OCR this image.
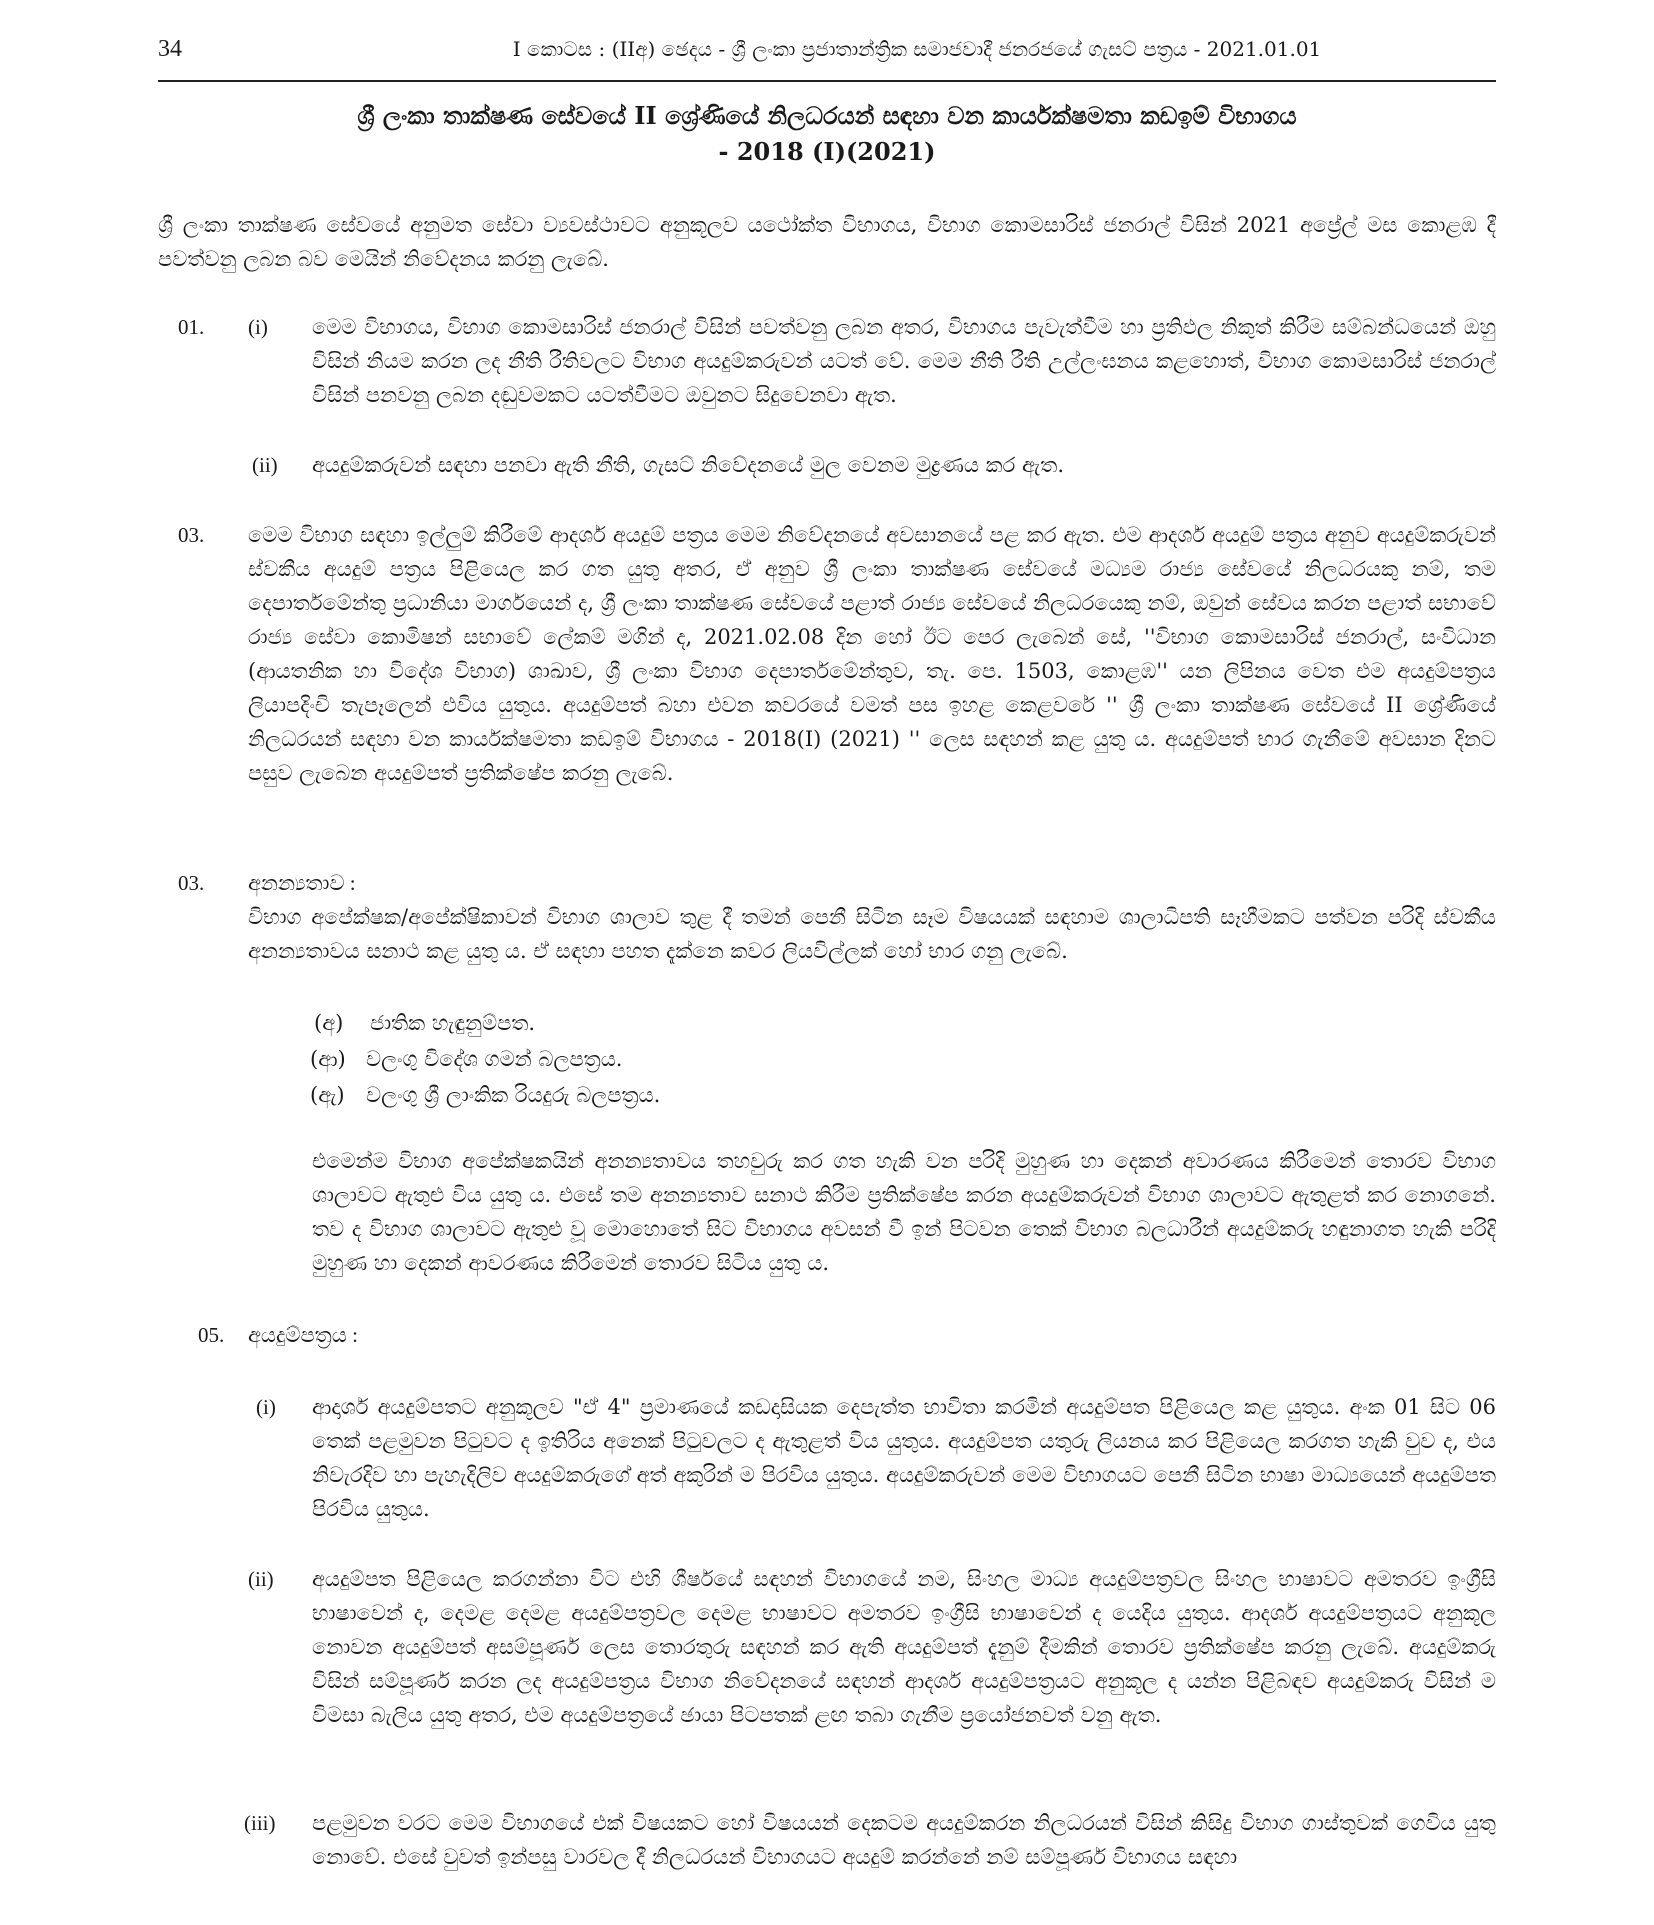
34	I කොටස : (IIඅ) ඡෙදය - ශ්‍රී ලංකා ප්‍රජාතාන්ත්‍රික සමාජවාදී ජනරජයේ ගැසට් පත්‍රය - 2021.01.01
ශ්‍රී ලංකා තාක්ෂණ සේවයේ II ශ්‍රේණියේ නිලධරයන් සඳහා වන කාර්යක්ෂමතා කඩඉම් විභාගය
- 2018 (I)(2021)
ශ්‍රී ලංකා තාක්ෂණ සේවයේ අනුමත සේවා ව්‍යවස්ථාවට අනුකූලව යථෝක්ත විභාගය, විභාග කොමසාරිස් ජනරාල් විසින් 2021 අප්‍රේල් මස කොළඹ දී පවත්වනු ලබන බව මෙයින් නිවේදනය කරනු ලැබේ.
01. (i) මෙම විභාගය, විභාග කොමසාරිස් ජනරාල් විසින් පවත්වනු ලබන අතර, විභාගය පැවැත්වීම හා ප්‍රතිඵල නිකුත් කිරීම සම්බන්ධයෙන් ඔහු විසින් නියම කරන ලද නීති රීතිවලට විභාග අයදුම්කරුවන් යටත් වේ. මෙම නීති රීති උල්ලංඝනය කළහොත්, විභාග කොමසාරිස් ජනරාල් විසින් පනවනු ලබන දඬුවමකට යටත්වීමට ඔවුනට සිදුවෙනවා ඇත.
(ii) අයදුම්කරුවන් සඳහා පනවා ඇති නීති, ගැසට් නිවේදනයේ මුල වෙනම මුද්‍රණය කර ඇත.
03. මෙම විභාග සඳහා ඉල්ලුම් කිරීමේ ආදර්ශ අයදුම් පත්‍රය මෙම නිවේදනයේ අවසානයේ පළ කර ඇත. එම ආදර්ශ අයදුම් පත්‍රය අනුව අයදුම්කරුවන් ස්වකීය අයදුම් පත්‍රය පිළියෙල කර ගත යුතු අතර, ඒ අනුව ශ්‍රී ලංකා තාක්ෂණ සේවයේ මධ්‍යම රාජ්‍ය සේවයේ නිලධරයකු නම්, තම දෙපාර්තමේන්තු ප්‍රධානියා මාර්ගයෙන් ද, ශ්‍රී ලංකා තාක්ෂණ සේවයේ පළාත් රාජ්‍ය සේවයේ නිලධරයෙකු නම්, ඔවුන් සේවය කරන පළාත් සභාවේ රාජ්‍ය සේවා කොමිෂන් සභාවේ ලේකම් මගින් ද, 2021.02.08 දින හෝ ඊට පෙර ලැබෙන් සේ, ''විභාග කොමසාරිස් ජනරාල්, සංවිධාන (ආයතනික හා විදේශ විභාග) ශාඛාව, ශ්‍රී ලංකා විභාග දෙපාර්තමේන්තුව, තැ. පෙ. 1503, කොළඹ'' යන ලිපිනය වෙත එම අයදුම්පත්‍රය ලියාපදිංචි තැපෑලෙන් එවිය යුතුය. අයදුම්පත් බහා එවන කවරයේ වමත් පස ඉහළ කෙළවරේ '' ශ්‍රී ලංකා තාක්ෂණ සේවයේ II ශ්‍රේණියේ නිලධරයන් සඳහා වන කාර්යක්ෂමතා කඩඉම් විභාගය - 2018(I) (2021) '' ලෙස සඳහන් කළ යුතු ය. අයදුම්පත් භාර ගැනීමේ අවසාන දිනට පසුව ලැබෙන අයදුම්පත් ප්‍රතික්ෂේප කරනු ලැබේ.
03. අනන්‍යතාව :
විභාග අපේක්ෂක/අපේක්ෂිකාවන් විභාග ශාලාව තුළ දී තමන් පෙනී සිටින සෑම විෂයයක් සඳහාම ශාලාධිපති සෑහීමකට පත්වන පරිදි ස්වකීය අනන්‍යතාවය සනාථ කළ යුතු ය. ඒ සඳහා පහත දැක්නෙ කවර ලියවිල්ලක් හෝ භාර ගනු ලැබේ.
(අ) ජාතික හැඳුනුම්පත.
(ආ) වලංගු විදේශ ගමන් බලපත්‍රය.
(ඇ) වලංගු ශ්‍රී ලාංකික රියදුරු බලපත්‍රය.
එමෙන්ම විභාග අපේක්ෂකයින් අනන්‍යතාවය තහවුරු කර ගත හැකි වන පරිදි මුහුණ හා දෙකන් අවාරණය කිරීමෙන් තොරව විභාග ශාලාවට ඇතුළු විය යුතු ය. එසේ තම අනන්‍යතාව සනාථ කිරීම ප්‍රතික්ෂේප කරන අයදුම්කරුවන් විභාග ශාලාවට ඇතුළත් කර නොගනේ. තව ද විභාග ශාලාවට ඇතුළු වූ මොහොතේ සිට විභාගය අවසන් වී ඉන් පිටවන තෙක් විභාග බලධාරීන් අයදුම්කරු හඳුනාගත හැකි පරිදි මුහුණ හා දෙකන් ආවරණය කිරීමෙන් තොරව සිටිය යුතු ය.
05. අයදුම්පත්‍රය :
(i) ආදාර්ශ අයදුම්පතට අනුකූලව "ඒ 4" ප්‍රමාණයේ කඩදාසියක දෙපැත්ත භාවිතා කරමින් අයදුම්පත පිළියෙල කළ යුතුය. අංක 01 සිට 06 තෙක් පළමුවන පිටුවට ද ඉතිරිය අනෙක් පිටුවලට ද ඇතුළත් විය යුතුය. අයදුම්පත යතුරු ලියනය කර පිළියෙල කරගත හැකි වුව ද, එය නිවැරදිව හා පැහැදිලිව අයදුම්කරුගේ අත් අකුරින් ම පිරවිය යුතුය. අයදුම්කරුවන් මෙම විභාගයට පෙනී සිටින භාෂා මාධ්‍යයෙන් අයදුම්පත පිරවිය යුතුය.
(ii) අයදුම්පත පිළියෙල කරගන්නා විට එහි ශීර්ෂයේ සඳහන් විභාගයේ නම, සිංහල මාධ්‍ය අයදුම්පත්‍රවල සිංහල භාෂාවට අමතරව ඉංග්‍රීසි භාෂාවෙන් ද, දෙමළ දෙමළ අයදුම්පත්‍රවල දෙමළ භාෂාවට අමතරව ඉංග්‍රීසි භාෂාවෙන් ද යෙදිය යුතුය. ආදර්ශ අයදුම්පත්‍රයට අනුකූල නොවන අයදුම්පත් අසම්පූර්ණ ලෙස තොරතුරු සඳහන් කර ඇති අයදුම්පත් දැනුම් දීමකින් තොරව ප්‍රතික්ෂේප කරනු ලැබේ. අයදුම්කරු විසින් සම්පූර්ණ කරන ලද අයදුම්පත්‍රය විභාග නිවේදනයේ සඳහන් ආදර්ශ අයදුම්පත්‍රයට අනුකූල ද යන්න පිළිබඳව අයදුම්කරු විසින් ම විමසා බැලිය යුතු අතර, එම අයදුම්පත්‍රයේ ඡායා පිටපතක් ළඟ තබා ගැනීම ප්‍රයෝජනවත් වනු ඇත.
(iii) පළමුවන වරට මෙම විභාගයේ එක් විෂයකට හෝ විෂයයන් දෙකටම අයදුම්කරන නිලධරයන් විසින් කිසිදු විභාග ගාස්තුවක් ගෙවිය යුතු නොවේ. එසේ වුවත් ඉන්පසු වාරවල දී නිලධරයන් විභාගයට අයදුම් කරන්නේ නම් සම්පූර්ණ විභාගය සඳහා
